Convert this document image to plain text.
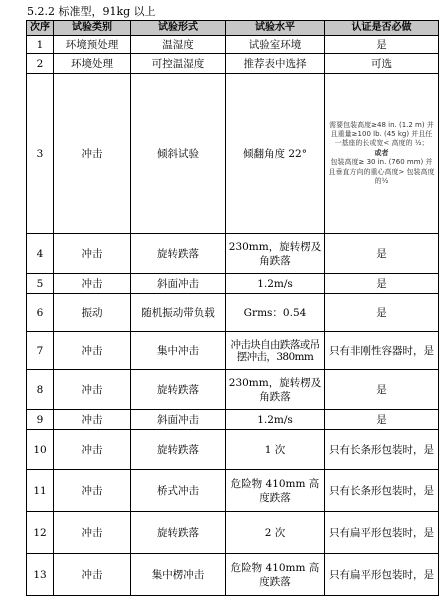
5.2.2 标准型，91kg 以上
次序	试验类别	试验形式	试验水平	认证是否必做
1	环境预处理	温湿度	试验室环境	是
2	环境处理	可控温湿度	推荐表中选择	可选
3	冲击	倾斜试验	倾翻角度 22°	需要包装高度≥48 in. (1.2 m) 并且重量≥100 lb. (45 kg) 并且任一基座的长或宽< 高度的 ½；
或者
包装高度≥ 30 in. (760 mm) 并且垂直方向的重心高度> 包装高度的½

4	冲击	旋转跌落	230mm，旋转楞及角跌落	是
5	冲击	斜面冲击	1.2m/s	是
6	振动	随机振动带负载	Grms：0.54	是
7	冲击	集中冲击	冲击块自由跌落或吊摆冲击，380mm	只有非刚性容器时，是
8	冲击	旋转跌落	230mm，旋转楞及角跌落	是
9	冲击	斜面冲击	1.2m/s	是
10	冲击	旋转跌落	1 次	只有长条形包装时，是
11	冲击	桥式冲击	危险物 410mm 高度跌落	只有长条形包装时，是
12	冲击	旋转跌落	2 次	只有扁平形包装时，是
13	冲击	集中楞冲击	危险物 410mm 高度跌落	只有扁平形包装时，是
